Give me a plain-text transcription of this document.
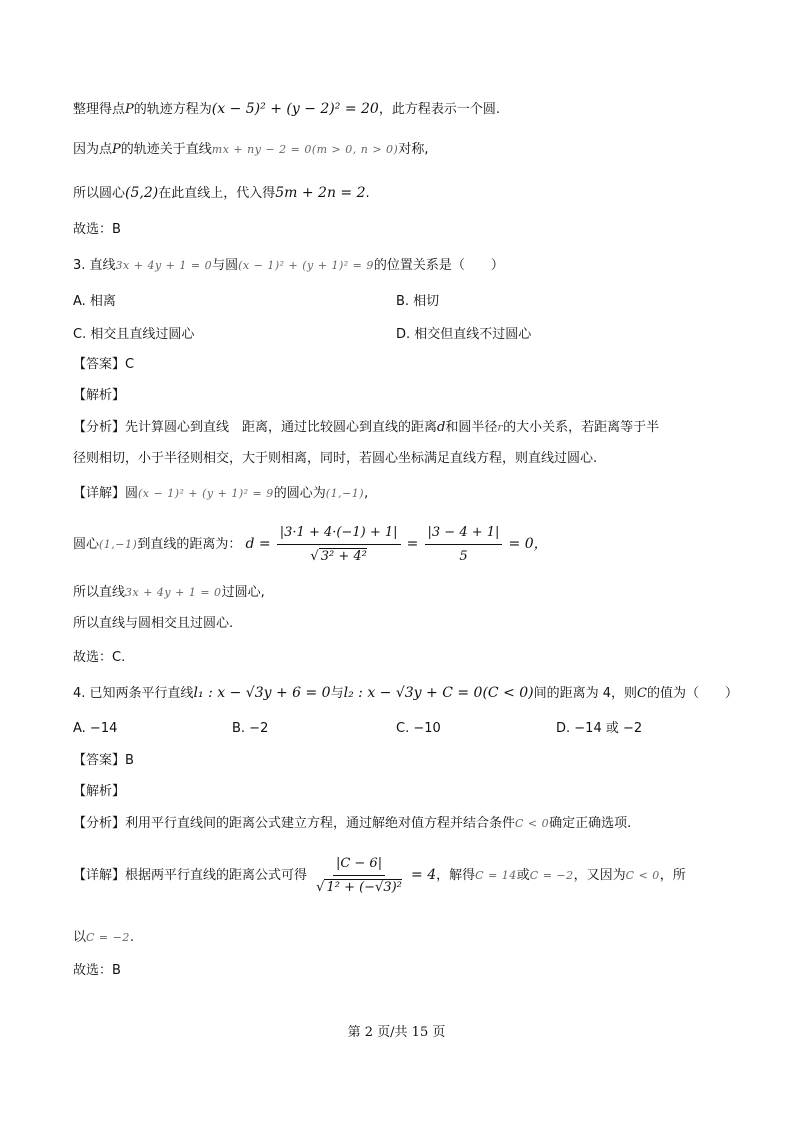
整理得点P的轨迹方程为(x − 5)² + (y − 2)² = 20，此方程表示一个圆.
因为点P的轨迹关于直线mx + ny − 2 = 0(m > 0, n > 0)对称,
所以圆心(5,2)在此直线上，代入得5m + 2n = 2.
故选：B
3. 直线3x + 4y + 1 = 0与圆(x − 1)² + (y + 1)² = 9的位置关系是（　　）
A. 相离	B. 相切
C. 相交且直线过圆心	D. 相交但直线不过圆心
【答案】C
【解析】
【分析】先计算圆心到直线　距离，通过比较圆心到直线的距离d和圆半径r的大小关系，若距离等于半
径则相切，小于半径则相交，大于则相离，同时，若圆心坐标满足直线方程，则直线过圆心.
【详解】圆(x − 1)² + (y + 1)² = 9的圆心为(1,−1),
圆心(1,−1)到直线的距离为： $d = \frac{|3\cdot 1 + 4\cdot(-1) + 1|}{\text{√ 3² + 4²}} = \frac{|3 - 4 + 1|}{5} = 0$，
所以直线3x + 4y + 1 = 0过圆心,
所以直线与圆相交且过圆心.
故选：C.
4. 已知两条平行直线l₁ : x − √3y + 6 = 0与l₂ : x − √3y + C = 0(C < 0)间的距离为 4，则C的值为（　　）
A. −14	B. −2	C. −10	D. −14 或 −2
【答案】B
【解析】
【分析】利用平行直线间的距离公式建立方程，通过解绝对值方程并结合条件C < 0确定正确选项.
【详解】根据两平行直线的距离公式可得 $\frac{|C - 6|}{\text{√ 1² + (−√3)²}} = 4$，解得C = 14或C = −2，又因为C < 0，所
以C = −2.
故选：B
第 2 页/共 15 页
